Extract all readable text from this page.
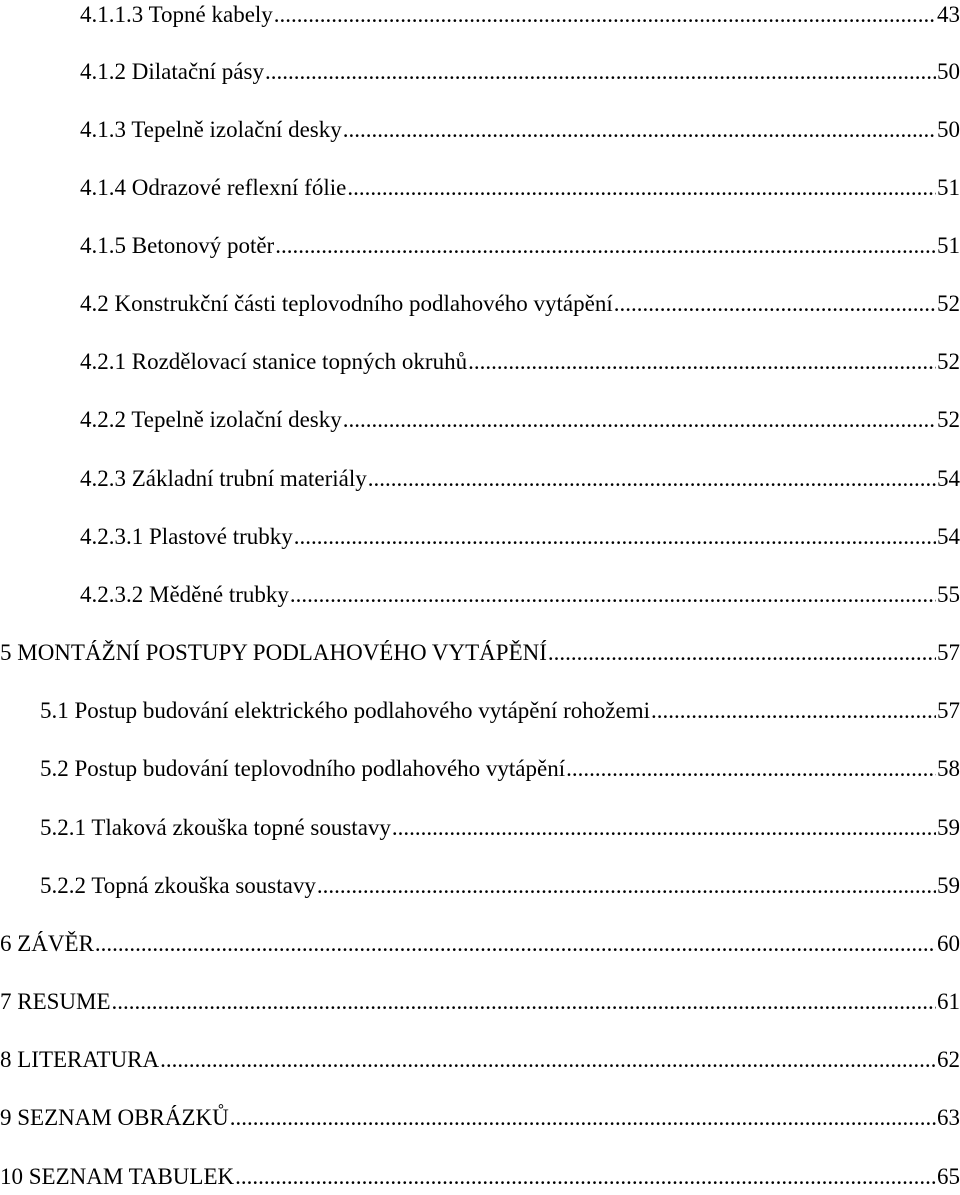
4.1.1.3 Topné kabely .....	43
4.1.2 Dilatační pásy .....	50
4.1.3 Tepelně izolační desky .....	50
4.1.4 Odrazové reflexní fólie .....	51
4.1.5 Betonový potěr .....	51
4.2 Konstrukční části teplovodního podlahového vytápění .....	52
4.2.1 Rozdělovací stanice topných okruhů .....	52
4.2.2 Tepelně izolační desky .....	52
4.2.3 Základní trubní materiály .....	54
4.2.3.1 Plastové trubky .....	54
4.2.3.2 Měděné trubky .....	55
5 MONTÁŽNÍ POSTUPY PODLAHOVÉHO VYTÁPĚNÍ .....	57
5.1 Postup budování elektrického podlahového vytápění rohožemi .....	57
5.2 Postup budování teplovodního podlahového vytápění .....	58
5.2.1 Tlaková zkouška topné soustavy .....	59
5.2.2 Topná zkouška soustavy .....	59
6 ZÁVĚR .....	60
7 RESUME .....	61
8 LITERATURA .....	62
9 SEZNAM OBRÁZKŮ .....	63
10 SEZNAM TABULEK .....	65
